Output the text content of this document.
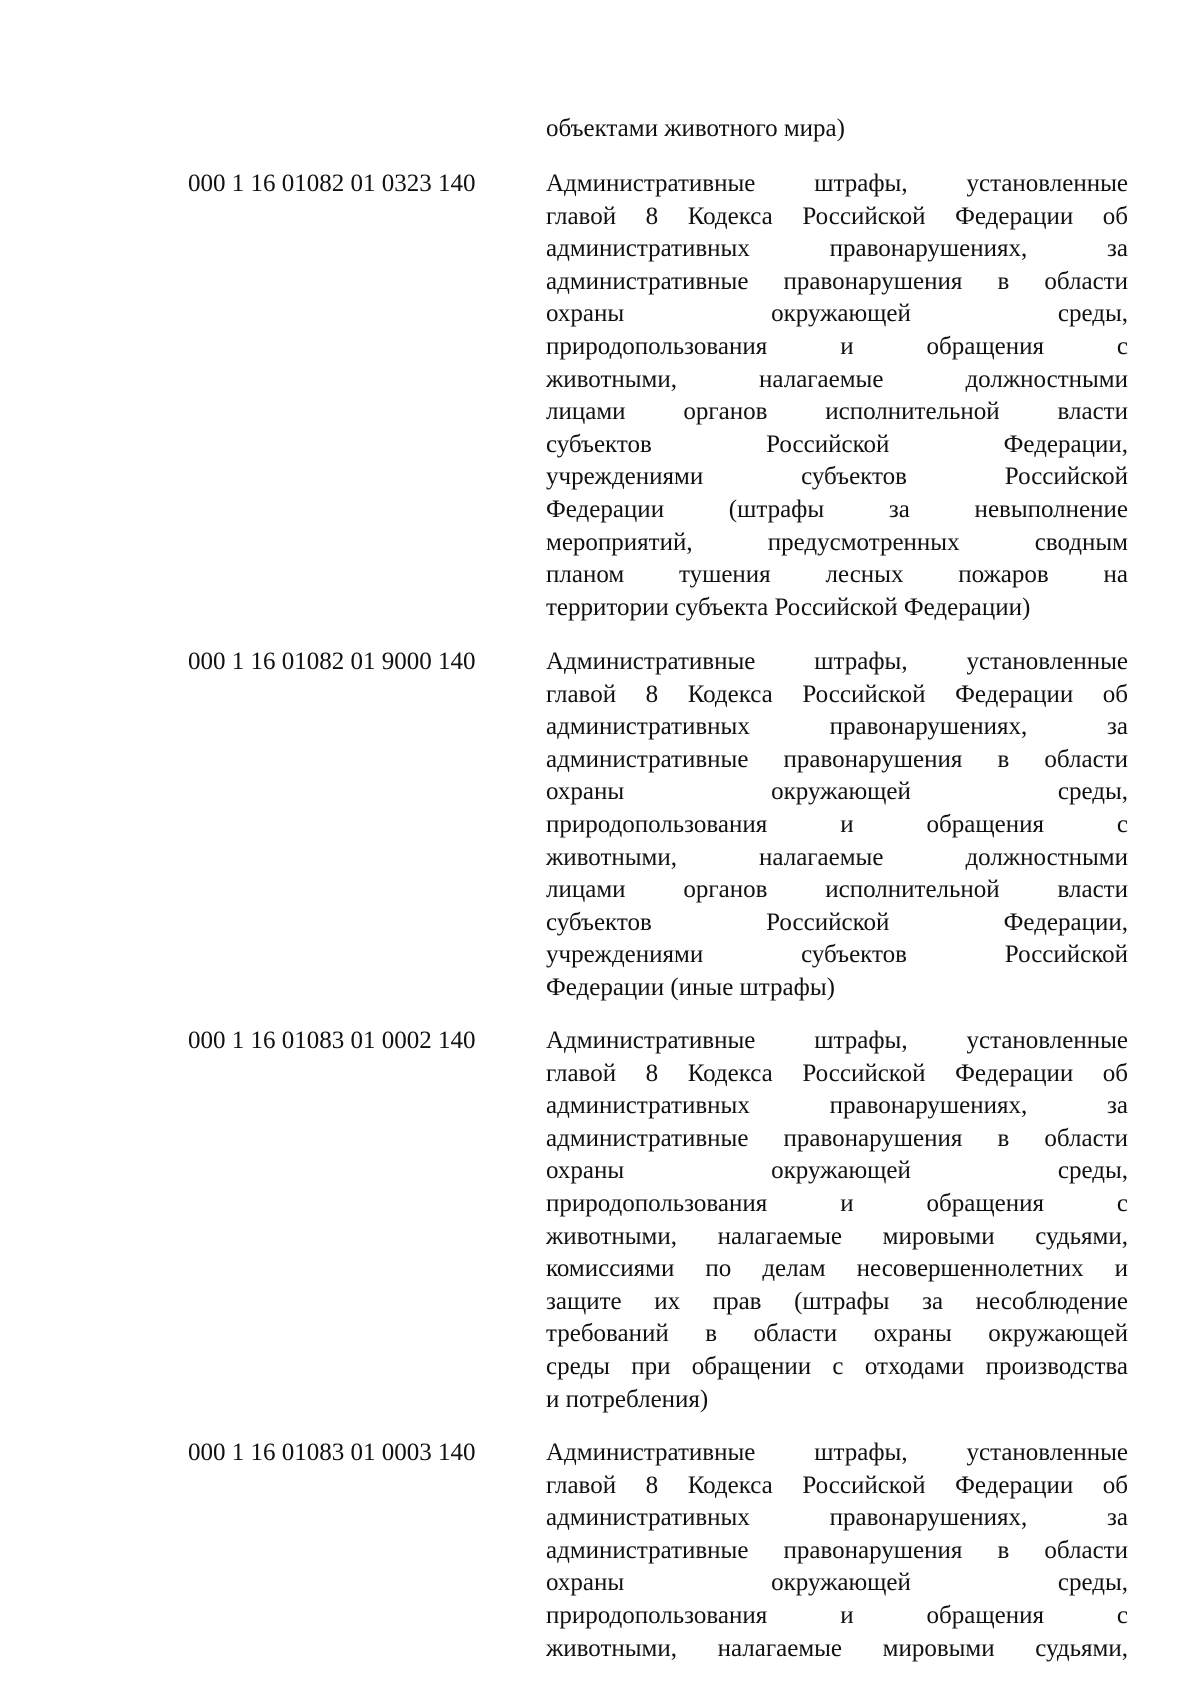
объектами животного мира)

000 1 16 01082 01 0323 140	Административные штрафы, установленные
главой 8 Кодекса Российской Федерации об
административных правонарушениях, за
административные правонарушения в области
охраны окружающей среды,
природопользования и обращения с
животными, налагаемые должностными
лицами органов исполнительной власти
субъектов Российской Федерации,
учреждениями субъектов Российской
Федерации (штрафы за невыполнение
мероприятий, предусмотренных сводным
планом тушения лесных пожаров на
территории субъекта Российской Федерации)

000 1 16 01082 01 9000 140	Административные штрафы, установленные
главой 8 Кодекса Российской Федерации об
административных правонарушениях, за
административные правонарушения в области
охраны окружающей среды,
природопользования и обращения с
животными, налагаемые должностными
лицами органов исполнительной власти
субъектов Российской Федерации,
учреждениями субъектов Российской
Федерации (иные штрафы)

000 1 16 01083 01 0002 140	Административные штрафы, установленные
главой 8 Кодекса Российской Федерации об
административных правонарушениях, за
административные правонарушения в области
охраны окружающей среды,
природопользования и обращения с
животными, налагаемые мировыми судьями,
комиссиями по делам несовершеннолетних и
защите их прав (штрафы за несоблюдение
требований в области охраны окружающей
среды при обращении с отходами производства
и потребления)

000 1 16 01083 01 0003 140	Административные штрафы, установленные
главой 8 Кодекса Российской Федерации об
административных правонарушениях, за
административные правонарушения в области
охраны окружающей среды,
природопользования и обращения с
животными, налагаемые мировыми судьями,
